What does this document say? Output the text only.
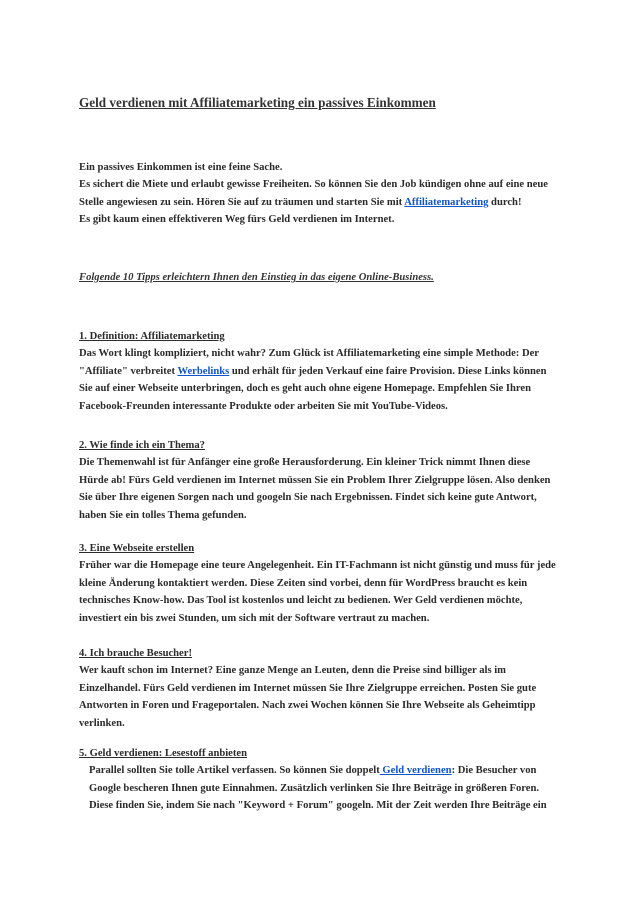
Geld verdienen mit Affiliatemarketing ein passives Einkommen

Ein passives Einkommen ist eine feine Sache.

Es sichert die Miete und erlaubt gewisse Freiheiten. So können Sie den Job kündigen ohne auf eine neue Stelle angewiesen zu sein. Hören Sie auf zu träumen und starten Sie mit Affiliatemarketing durch!

Es gibt kaum einen effektiveren Weg fürs Geld verdienen im Internet.

Folgende 10 Tipps erleichtern Ihnen den Einstieg in das eigene Online-Business.
1. Definition: Affiliatemarketing

Das Wort klingt kompliziert, nicht wahr? Zum Glück ist Affiliatemarketing eine simple Methode: Der "Affiliate" verbreitet Werbelinks und erhält für jeden Verkauf eine faire Provision. Diese Links können Sie auf einer Webseite unterbringen, doch es geht auch ohne eigene Homepage. Empfehlen Sie Ihren Facebook-Freunden interessante Produkte oder arbeiten Sie mit YouTube-Videos.

2. Wie finde ich ein Thema?

Die Themenwahl ist für Anfänger eine große Herausforderung. Ein kleiner Trick nimmt Ihnen diese Hürde ab! Fürs Geld verdienen im Internet müssen Sie ein Problem Ihrer Zielgruppe lösen. Also denken Sie über Ihre eigenen Sorgen nach und googeln Sie nach Ergebnissen. Findet sich keine gute Antwort, haben Sie ein tolles Thema gefunden.

3. Eine Webseite erstellen

Früher war die Homepage eine teure Angelegenheit. Ein IT-Fachmann ist nicht günstig und muss für jede kleine Änderung kontaktiert werden. Diese Zeiten sind vorbei, denn für WordPress braucht es kein technisches Know-how. Das Tool ist kostenlos und leicht zu bedienen. Wer Geld verdienen möchte, investiert ein bis zwei Stunden, um sich mit der Software vertraut zu machen.

4. Ich brauche Besucher!

Wer kauft schon im Internet? Eine ganze Menge an Leuten, denn die Preise sind billiger als im Einzelhandel. Fürs Geld verdienen im Internet müssen Sie Ihre Zielgruppe erreichen. Posten Sie gute Antworten in Foren und Frageportalen. Nach zwei Wochen können Sie Ihre Webseite als Geheimtipp verlinken.

5. Geld verdienen: Lesestoff anbieten

Parallel sollten Sie tolle Artikel verfassen. So können Sie doppelt Geld verdienen: Die Besucher von Google bescheren Ihnen gute Einnahmen. Zusätzlich verlinken Sie Ihre Beiträge in größeren Foren. Diese finden Sie, indem Sie nach "Keyword + Forum" googeln. Mit der Zeit werden Ihre Beiträge ein
